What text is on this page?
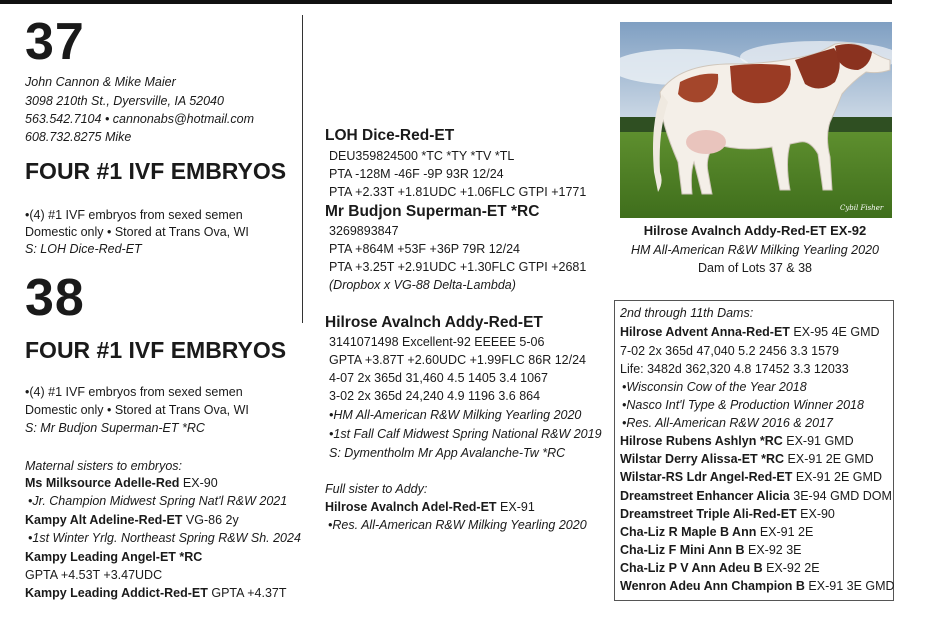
37
John Cannon & Mike Maier
3098 210th St., Dyersville, IA 52040
563.542.7104 • cannonabs@hotmail.com
608.732.8275 Mike
FOUR #1 IVF EMBRYOS
•(4) #1 IVF embryos from sexed semen
Domestic only • Stored at Trans Ova, WI
S: LOH Dice-Red-ET
38
FOUR #1 IVF EMBRYOS
•(4) #1 IVF embryos from sexed semen
Domestic only • Stored at Trans Ova, WI
S: Mr Budjon Superman-ET *RC
Maternal sisters to embryos:
Ms Milksource Adelle-Red EX-90
•Jr. Champion Midwest Spring Nat'l R&W 2021
Kampy Alt Adeline-Red-ET VG-86 2y
•1st Winter Yrlg. Northeast Spring R&W Sh. 2024
Kampy Leading Angel-ET *RC
GPTA +4.53T +3.47UDC
Kampy Leading Addict-Red-ET GPTA +4.37T
LOH Dice-Red-ET
DEU359824500 *TC *TY *TV *TL
PTA -128M -46F -9P 93R 12/24
PTA +2.33T +1.81UDC +1.06FLC GTPI +1771
Mr Budjon Superman-ET *RC
3269893847
PTA +864M +53F +36P 79R 12/24
PTA +3.25T +2.91UDC +1.30FLC GTPI +2681
(Dropbox x VG-88 Delta-Lambda)
Hilrose Avalnch Addy-Red-ET
3141071498 Excellent-92 EEEEE 5-06
GPTA +3.87T +2.60UDC +1.99FLC 86R 12/24
4-07 2x 365d 31,460 4.5 1405 3.4 1067
3-02 2x 365d 24,240 4.9 1196 3.6 864
•HM All-American R&W Milking Yearling 2020
•1st Fall Calf Midwest Spring National R&W 2019
S: Dymentholm Mr App Avalanche-Tw *RC
Full sister to Addy:
Hilrose Avalnch Adel-Red-ET EX-91
•Res. All-American R&W Milking Yearling 2020
Cybil Fisher
Hilrose Avalnch Addy-Red-ET EX-92
HM All-American R&W Milking Yearling 2020
Dam of Lots 37 & 38
2nd through 11th Dams:
Hilrose Advent Anna-Red-ET EX-95 4E GMD
7-02 2x 365d 47,040 5.2 2456 3.3 1579
Life: 3482d 362,320 4.8 17452 3.3 12033
•Wisconsin Cow of the Year 2018
•Nasco Int'l Type & Production Winner 2018
•Res. All-American R&W 2016 & 2017
Hilrose Rubens Ashlyn *RC EX-91 GMD
Wilstar Derry Alissa-ET *RC EX-91 2E GMD
Wilstar-RS Ldr Angel-Red-ET EX-91 2E GMD
Dreamstreet Enhancer Alicia 3E-94 GMD DOM
Dreamstreet Triple Ali-Red-ET EX-90
Cha-Liz R Maple B Ann EX-91 2E
Cha-Liz F Mini Ann B EX-92 3E
Cha-Liz P V Ann Adeu B EX-92 2E
Wenron Adeu Ann Champion B EX-91 3E GMD
